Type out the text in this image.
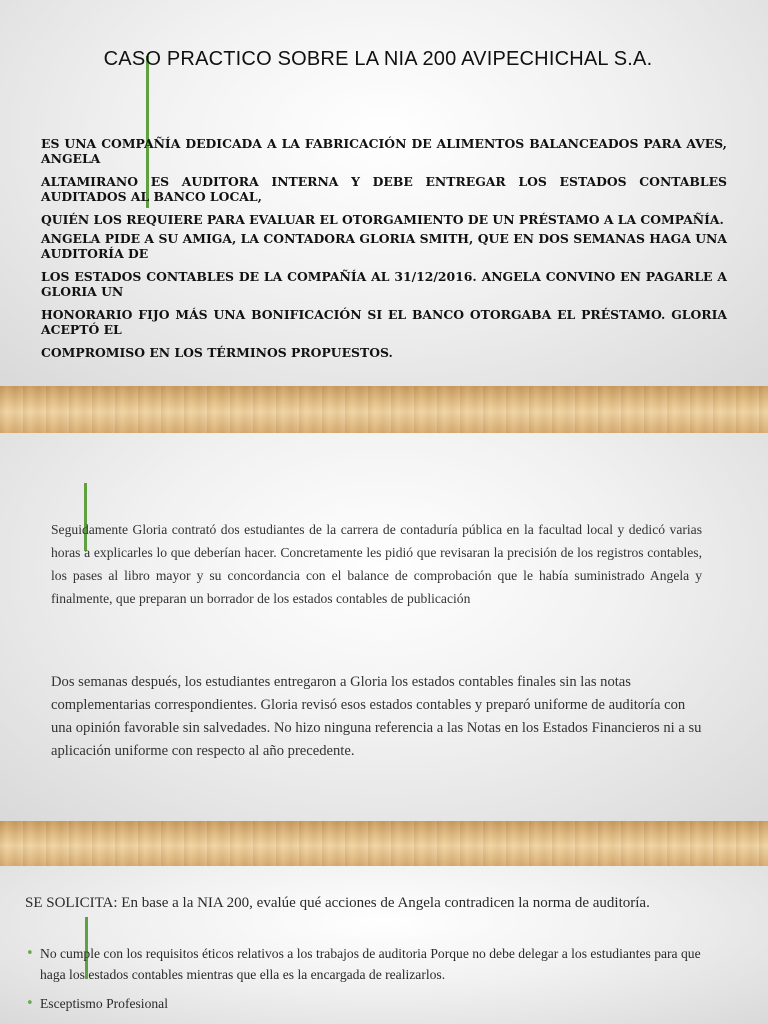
CASO PRACTICO SOBRE LA NIA 200 AVIPECHICHAL S.A.

ES UNA COMPAÑÍA DEDICADA A LA FABRICACIÓN DE ALIMENTOS BALANCEADOS PARA AVES, ANGELA

ALTAMIRANO ES AUDITORA INTERNA Y DEBE ENTREGAR LOS ESTADOS CONTABLES AUDITADOS AL BANCO LOCAL,

QUIÉN LOS REQUIERE PARA EVALUAR EL OTORGAMIENTO DE UN PRÉSTAMO A LA COMPAÑÍA.

ANGELA PIDE A SU AMIGA, LA CONTADORA GLORIA SMITH, QUE EN DOS SEMANAS HAGA UNA AUDITORÍA DE

LOS ESTADOS CONTABLES DE LA COMPAÑÍA AL 31/12/2016. ANGELA CONVINO EN PAGARLE A GLORIA UN

HONORARIO FIJO MÁS UNA BONIFICACIÓN SI EL BANCO OTORGABA EL PRÉSTAMO. GLORIA ACEPTÓ EL

COMPROMISO EN LOS TÉRMINOS PROPUESTOS.

Seguidamente Gloria contrató dos estudiantes de la carrera de contaduría pública en la facultad local y dedicó varias horas a explicarles lo que deberían hacer. Concretamente les pidió que revisaran la precisión de los registros contables, los pases al libro mayor y su concordancia con el balance de comprobación que le había suministrado Angela y finalmente, que preparan un borrador de los estados contables de publicación

Dos semanas después, los estudiantes entregaron a Gloria los estados contables finales sin las notas complementarias correspondientes. Gloria revisó esos estados contables y preparó uniforme de auditoría con una opinión favorable sin salvedades. No hizo ninguna referencia a las Notas en los Estados Financieros ni a su aplicación uniforme con respecto al año precedente.

SE SOLICITA: En base a la NIA 200, evalúe qué acciones de Angela contradicen la norma de auditoría.

• No cumple con los requisitos éticos relativos a los trabajos de auditoria Porque no debe delegar a los estudiantes para que haga los estados contables mientras que ella es la encargada de realizarlos.
• Esceptismo Profesional
